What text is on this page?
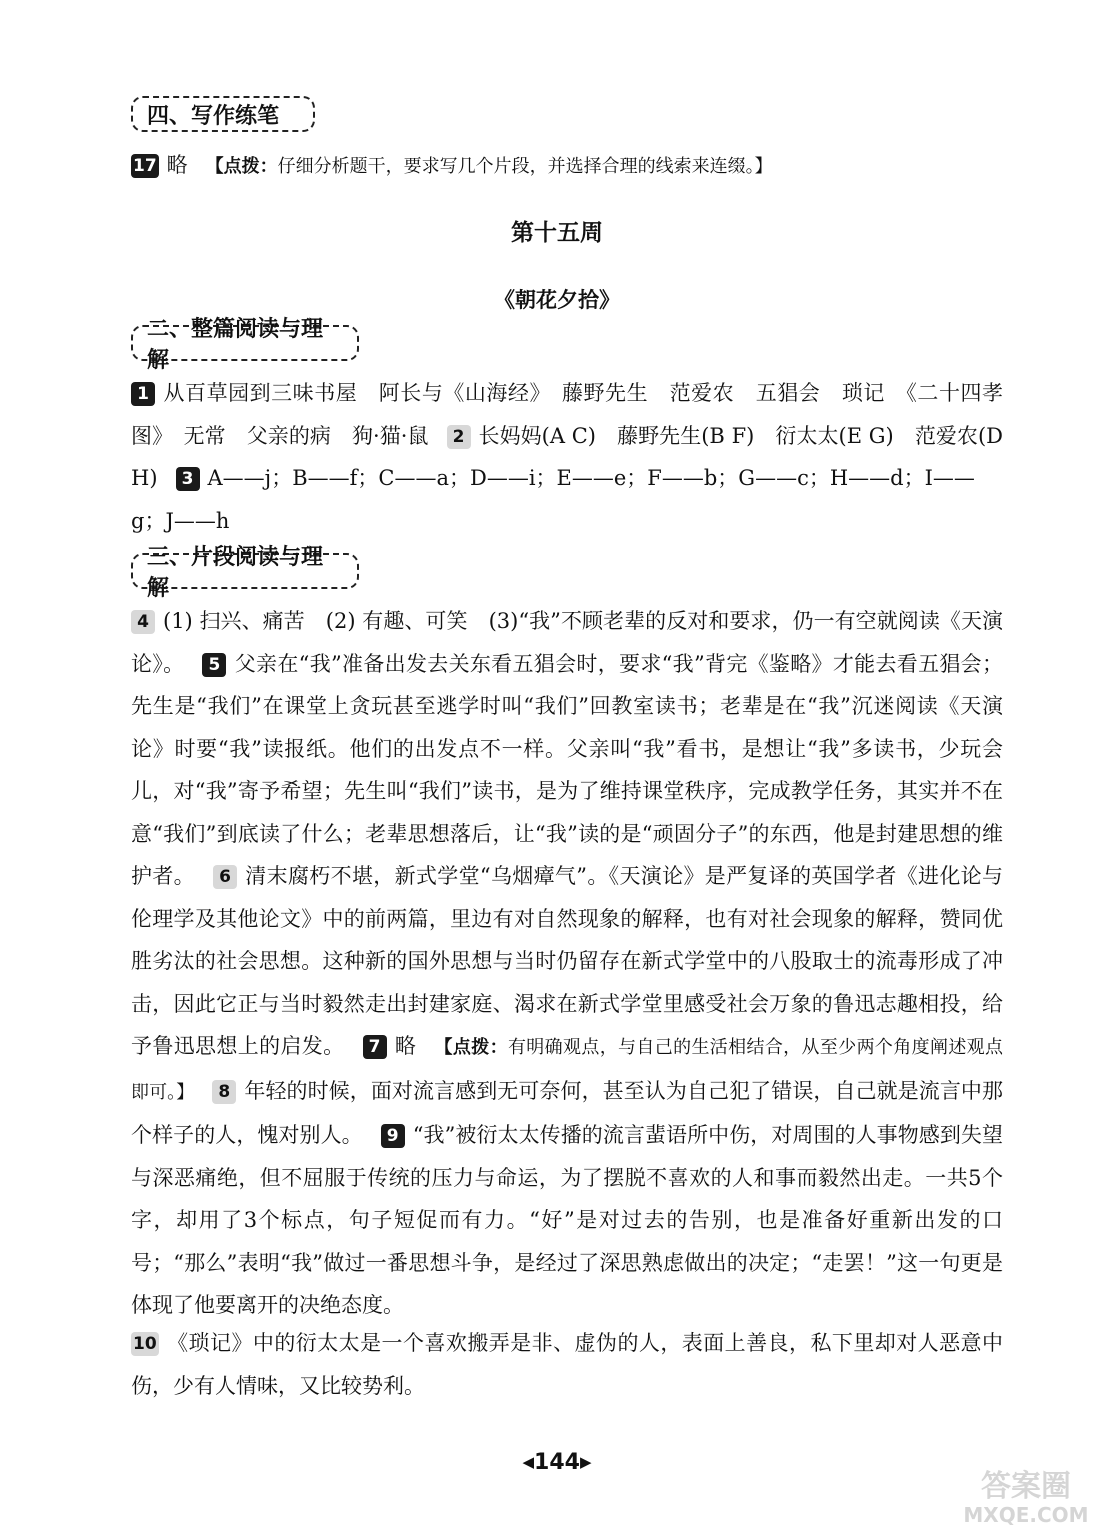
四、写作练笔
17 略 【点拨：仔细分析题干，要求写几个片段，并选择合理的线索来连缀。】
第十五周
《朝花夕拾》
二、整篇阅读与理解
1 从百草园到三味书屋　阿长与《山海经》　藤野先生　范爱农　五猖会　琐记　《二十四孝图》　无常　父亲的病　狗·猫·鼠 2 长妈妈(A C)　藤野先生(B F)　衍太太(E G)　范爱农(D H) 3 A——j；B——f；C——a；D——i；E——e；F——b；G——c；H——d；I——g；J——h
三、片段阅读与理解
4 (1) 扫兴、痛苦　(2) 有趣、可笑　(3)“我”不顾老辈的反对和要求，仍一有空就阅读《天演论》。 5 父亲在“我”准备出发去关东看五猖会时，要求“我”背完《鉴略》才能去看五猖会；先生是“我们”在课堂上贪玩甚至逃学时叫“我们”回教室读书；老辈是在“我”沉迷阅读《天演论》时要“我”读报纸。他们的出发点不一样。父亲叫“我”看书，是想让“我”多读书，少玩会儿，对“我”寄予希望；先生叫“我们”读书，是为了维持课堂秩序，完成教学任务，其实并不在意“我们”到底读了什么；老辈思想落后，让“我”读的是“顽固分子”的东西，他是封建思想的维护者。 6 清末腐朽不堪，新式学堂“乌烟瘴气”。《天演论》是严复译的英国学者《进化论与伦理学及其他论文》中的前两篇，里边有对自然现象的解释，也有对社会现象的解释，赞同优胜劣汰的社会思想。这种新的国外思想与当时仍留存在新式学堂中的八股取士的流毒形成了冲击，因此它正与当时毅然走出封建家庭、渴求在新式学堂里感受社会万象的鲁迅志趣相投，给予鲁迅思想上的启发。 7 略 【点拨：有明确观点，与自己的生活相结合，从至少两个角度阐述观点即可。】 8 年轻的时候，面对流言感到无可奈何，甚至认为自己犯了错误，自己就是流言中那个样子的人，愧对别人。 9 “我”被衍太太传播的流言蜚语所中伤，对周围的人事物感到失望与深恶痛绝，但不屈服于传统的压力与命运，为了摆脱不喜欢的人和事而毅然出走。一共5个字，却用了3个标点，句子短促而有力。“好”是对过去的告别，也是准备好重新出发的口号；“那么”表明“我”做过一番思想斗争，是经过了深思熟虑做出的决定；“走罢！”这一句更是体现了他要离开的决绝态度。
10 《琐记》中的衍太太是一个喜欢搬弄是非、虚伪的人，表面上善良，私下里却对人恶意中伤，少有人情味，又比较势利。
◀144▶
答案圈
MXQE.COM
